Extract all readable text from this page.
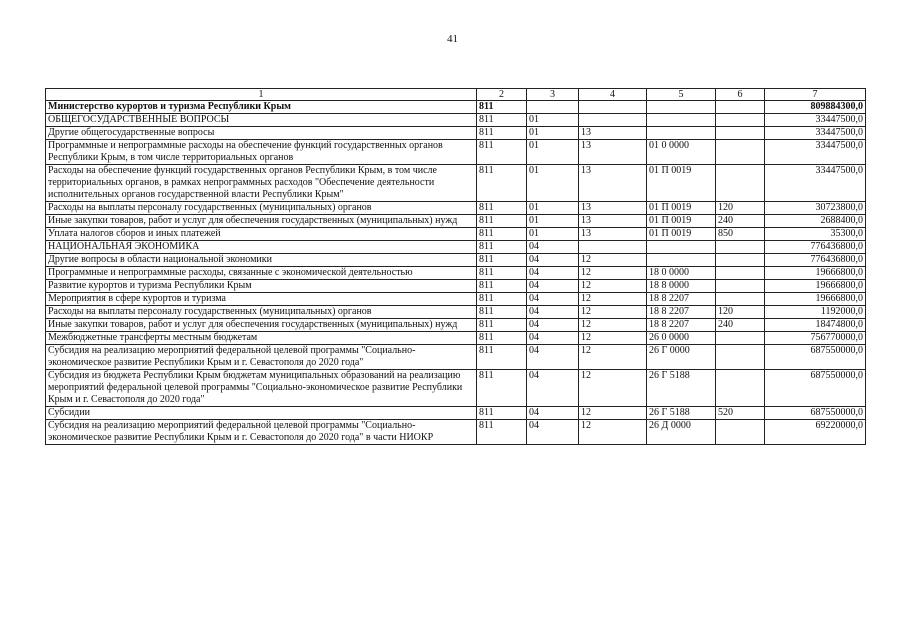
41
1	2	3	4	5	6	7
Министерство курортов и туризма Республики Крым	811					809884300,0
ОБЩЕГОСУДАРСТВЕННЫЕ ВОПРОСЫ	811	01				33447500,0
Другие общегосударственные вопросы	811	01	13			33447500,0
Программные и непрограммные расходы на обеспечение функций государственных органов Республики Крым, в том числе территориальных органов	811	01	13	01 0 0000		33447500,0
Расходы на обеспечение функций государственных органов Республики Крым, в том числе территориальных органов, в рамках непрограммных расходов "Обеспечение деятельности исполнительных органов государственной власти Республики Крым"	811	01	13	01 П 0019		33447500,0
Расходы на выплаты персоналу государственных (муниципальных) органов	811	01	13	01 П 0019	120	30723800,0
Иные закупки товаров, работ и услуг для обеспечения государственных (муниципальных) нужд	811	01	13	01 П 0019	240	2688400,0
Уплата налогов сборов и иных платежей	811	01	13	01 П 0019	850	35300,0
НАЦИОНАЛЬНАЯ ЭКОНОМИКА	811	04				776436800,0
Другие вопросы в области национальной экономики	811	04	12			776436800,0
Программные и непрограммные расходы, связанные с экономической деятельностью	811	04	12	18 0 0000		19666800,0
Развитие курортов и туризма Республики Крым	811	04	12	18 8 0000		19666800,0
Мероприятия в сфере курортов и туризма	811	04	12	18 8 2207		19666800,0
Расходы на выплаты персоналу государственных (муниципальных) органов	811	04	12	18 8 2207	120	1192000,0
Иные закупки товаров, работ и услуг для обеспечения государственных (муниципальных) нужд	811	04	12	18 8 2207	240	18474800,0
Межбюджетные трансферты местным бюджетам	811	04	12	26 0 0000		756770000,0
Субсидия на реализацию мероприятий федеральной целевой программы "Социально-экономическое развитие Республики Крым и г. Севастополя до 2020 года"	811	04	12	26 Г 0000		687550000,0
Субсидия из бюджета Республики Крым бюджетам муниципальных образований на реализацию мероприятий федеральной целевой программы "Социально-экономическое развитие Республики Крым и г. Севастополя до 2020 года"	811	04	12	26 Г 5188		687550000,0
Субсидии	811	04	12	26 Г 5188	520	687550000,0
Субсидия на реализацию мероприятий федеральной целевой программы "Социально-экономическое развитие Республики Крым и г. Севастополя до 2020 года" в части НИОКР	811	04	12	26 Д 0000		69220000,0
